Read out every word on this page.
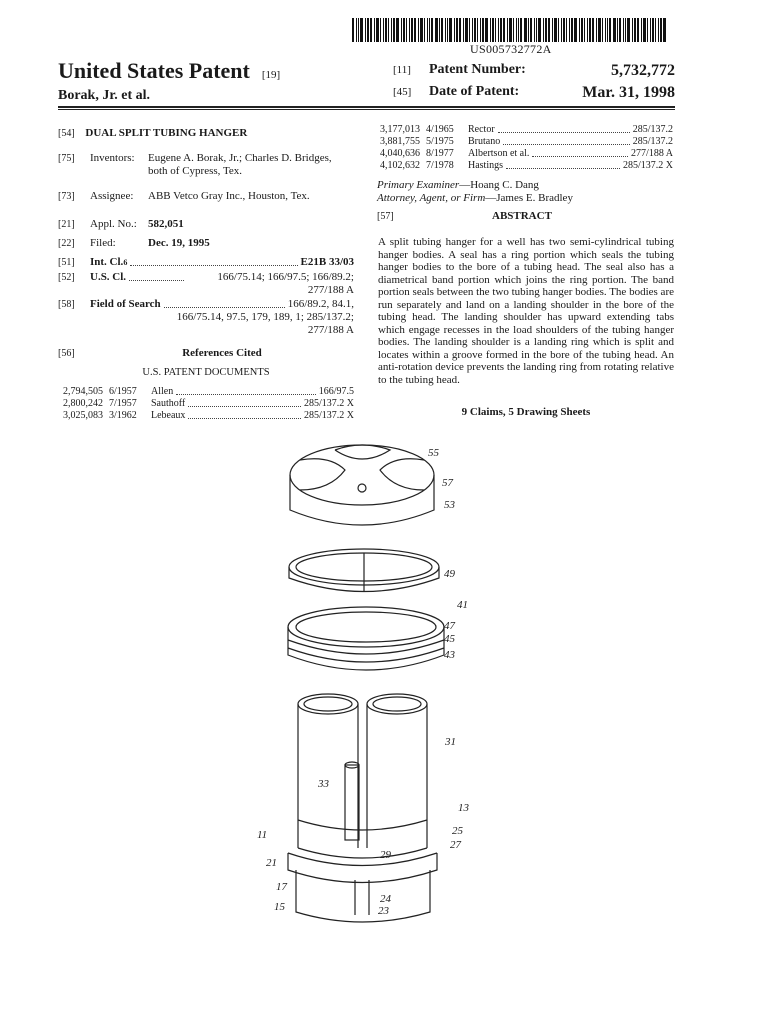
US005732772A
United States Patent [19]
Borak, Jr. et al.
[11] Patent Number:	5,732,772
[45] Date of Patent:	Mar. 31, 1998
[54] DUAL SPLIT TUBING HANGER
[75]	Inventors:	Eugene A. Borak, Jr.; Charles D. Bridges, both of Cypress, Tex.
[73]	Assignee:	ABB Vetco Gray Inc., Houston, Tex.
[21]	Appl. No.:	582,051
[22]	Filed:	Dec. 19, 1995
[51]	Int. Cl. 6	E21B 33/03
[52]	U.S. Cl.	166/75.14; 166/97.5; 166/89.2;
277/188 A
[58]	Field of Search	166/89.2, 84.1,
166/75.14, 97.5, 179, 189, 1; 285/137.2;
277/188 A
[56]	References Cited
U.S. PATENT DOCUMENTS
2,794,505 6/1957	Allen	166/97.5
2,800,242 7/1957	Sauthoff	285/137.2 X
3,025,083 3/1962	Lebeaux	285/137.2 X
3,177,013 4/1965	Rector	285/137.2
3,881,755 5/1975	Brutano	285/137.2
4,040,636 8/1977	Albertson et al.	277/188 A
4,102,632 7/1978	Hastings	285/137.2 X
Primary Examiner—Hoang C. Dang
Attorney, Agent, or Firm—James E. Bradley
[57]	ABSTRACT
A split tubing hanger for a well has two semi-cylindrical tubing hanger bodies. A seal has a ring portion which seals the tubing hanger bodies to the bore of a tubing head. The seal also has a diametrical band portion which joins the ring portion. The band portion seals between the two tubing hanger bodies. The bodies are run separately and land on a landing shoulder in the bore of the tubing head. The landing shoulder has upward extending tabs which engage recesses in the load shoulders of the tubing hanger bodies. The landing shoulder is a landing ring which is split and locates within a groove formed in the bore of the tubing head. An anti-rotation device prevents the landing ring from rotating relative to the tubing head.
9 Claims, 5 Drawing Sheets
55
57
53
49
41
47
45
43
31
33
13
11	25
27
29
21
17
24
15	23
